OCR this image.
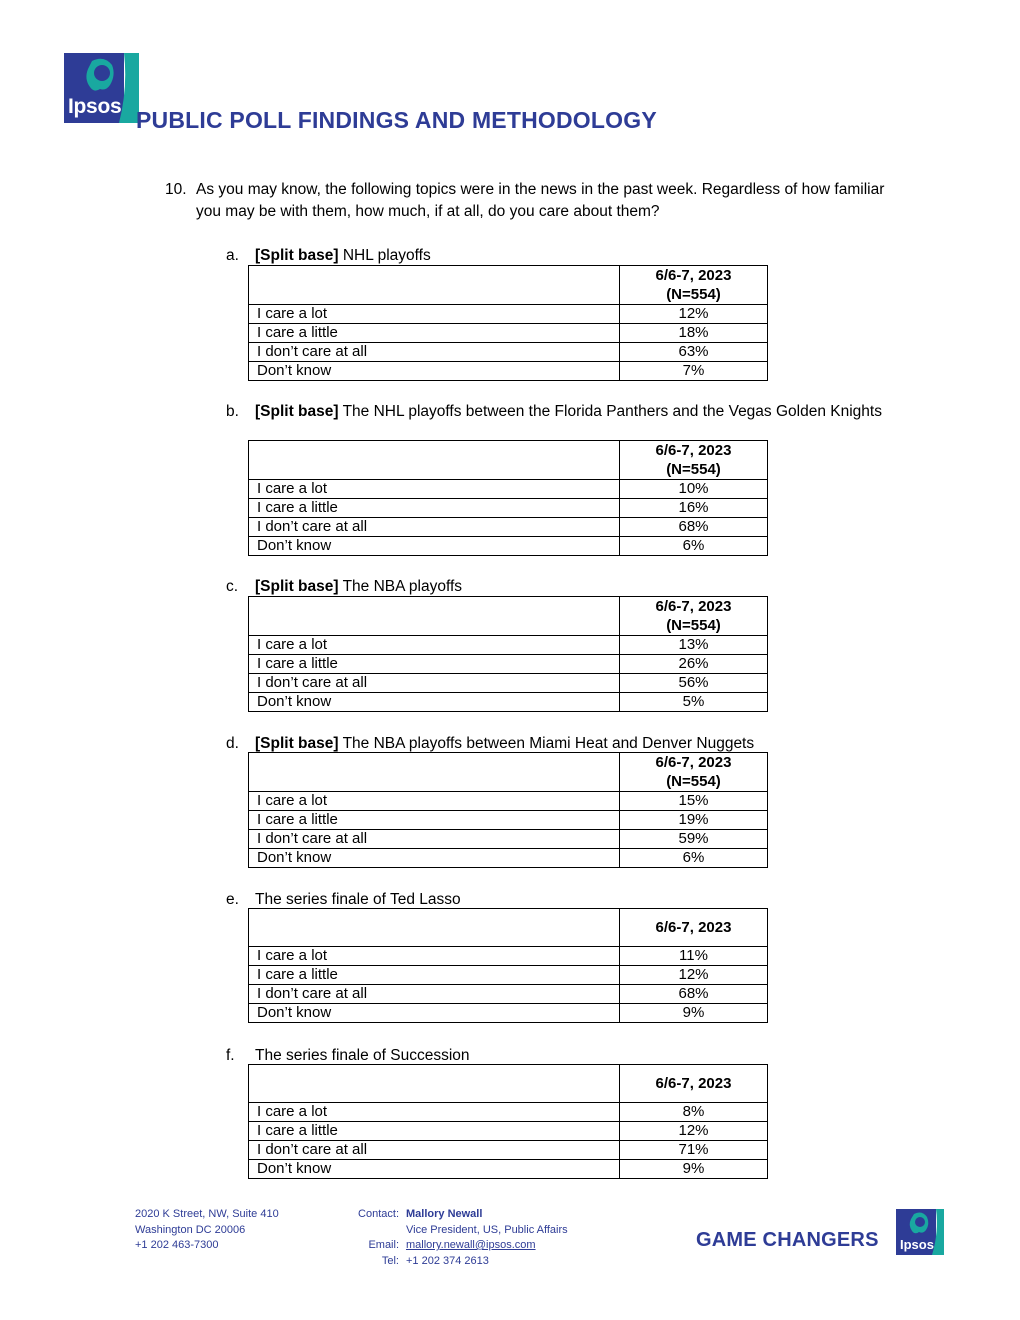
Ipsos
PUBLIC POLL FINDINGS AND METHODOLOGY
10. As you may know, the following topics were in the news in the past week. Regardless of how familiar you may be with them, how much, if at all, do you care about them?
a. [Split base] NHL playoffs
	6/6-7, 2023
(N=554)
I care a lot	12%
I care a little	18%
I don’t care at all	63%
Don’t know	7%
b. [Split base] The NHL playoffs between the Florida Panthers and the Vegas Golden Knights
	6/6-7, 2023
(N=554)
I care a lot	10%
I care a little	16%
I don’t care at all	68%
Don’t know	6%
c. [Split base] The NBA playoffs
	6/6-7, 2023
(N=554)
I care a lot	13%
I care a little	26%
I don’t care at all	56%
Don’t know	5%
d. [Split base] The NBA playoffs between Miami Heat and Denver Nuggets
	6/6-7, 2023
(N=554)
I care a lot	15%
I care a little	19%
I don’t care at all	59%
Don’t know	6%
e. The series finale of Ted Lasso
	6/6-7, 2023
I care a lot	11%
I care a little	12%
I don’t care at all	68%
Don’t know	9%
f. The series finale of Succession
	6/6-7, 2023
I care a lot	8%
I care a little	12%
I don’t care at all	71%
Don’t know	9%
2020 K Street, NW, Suite 410
Washington DC 20006
+1 202 463-7300
Contact:

Email:
Tel:
Mallory Newall
Vice President, US, Public Affairs
mallory.newall@ipsos.com
+1 202 374 2613
GAME CHANGERS Ipsos
